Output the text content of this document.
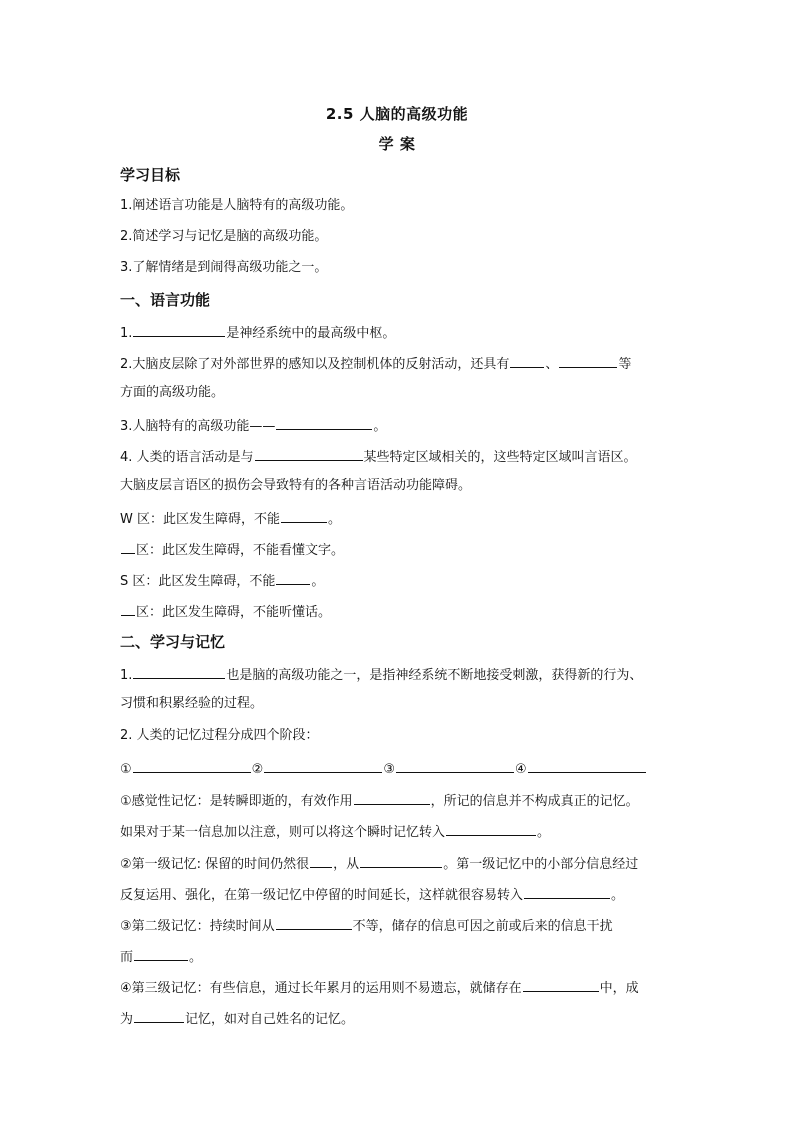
2.5 人脑的高级功能
学 案
学习目标
1.阐述语言功能是人脑特有的高级功能。
2.简述学习与记忆是脑的高级功能。
3.了解情绪是到闹得高级功能之一。
一、语言功能
1.	是神经系统中的最高级中枢。
2.大脑皮层除了对外部世界的感知以及控制机体的反射活动，还具有	、	等
方面的高级功能。
3.人脑特有的高级功能——	。
4. 人类的语言活动是与	某些特定区域相关的，这些特定区域叫言语区。
大脑皮层言语区的损伤会导致特有的各种言语活动功能障碍。
W 区：此区发生障碍，不能	。
区：此区发生障碍，不能看懂文字。
S 区：此区发生障碍，不能	。
区：此区发生障碍，不能听懂话。
二、学习与记忆
1.	也是脑的高级功能之一，是指神经系统不断地接受刺激，获得新的行为、
习惯和积累经验的过程。
2. 人类的记忆过程分成四个阶段：
①	②	③	④
①感觉性记忆：是转瞬即逝的，有效作用	，所记的信息并不构成真正的记忆。
如果对于某一信息加以注意，则可以将这个瞬时记忆转入	。
②第一级记忆: 保留的时间仍然很 ，从	。第一级记忆中的小部分信息经过
反复运用、强化，在第一级记忆中停留的时间延长，这样就很容易转入	。
③第二级记忆：持续时间从	不等，储存的信息可因之前或后来的信息干扰
而	。
④第三级记忆：有些信息，通过长年累月的运用则不易遗忘，就储存在	中，成
为	记忆，如对自己姓名的记忆。
